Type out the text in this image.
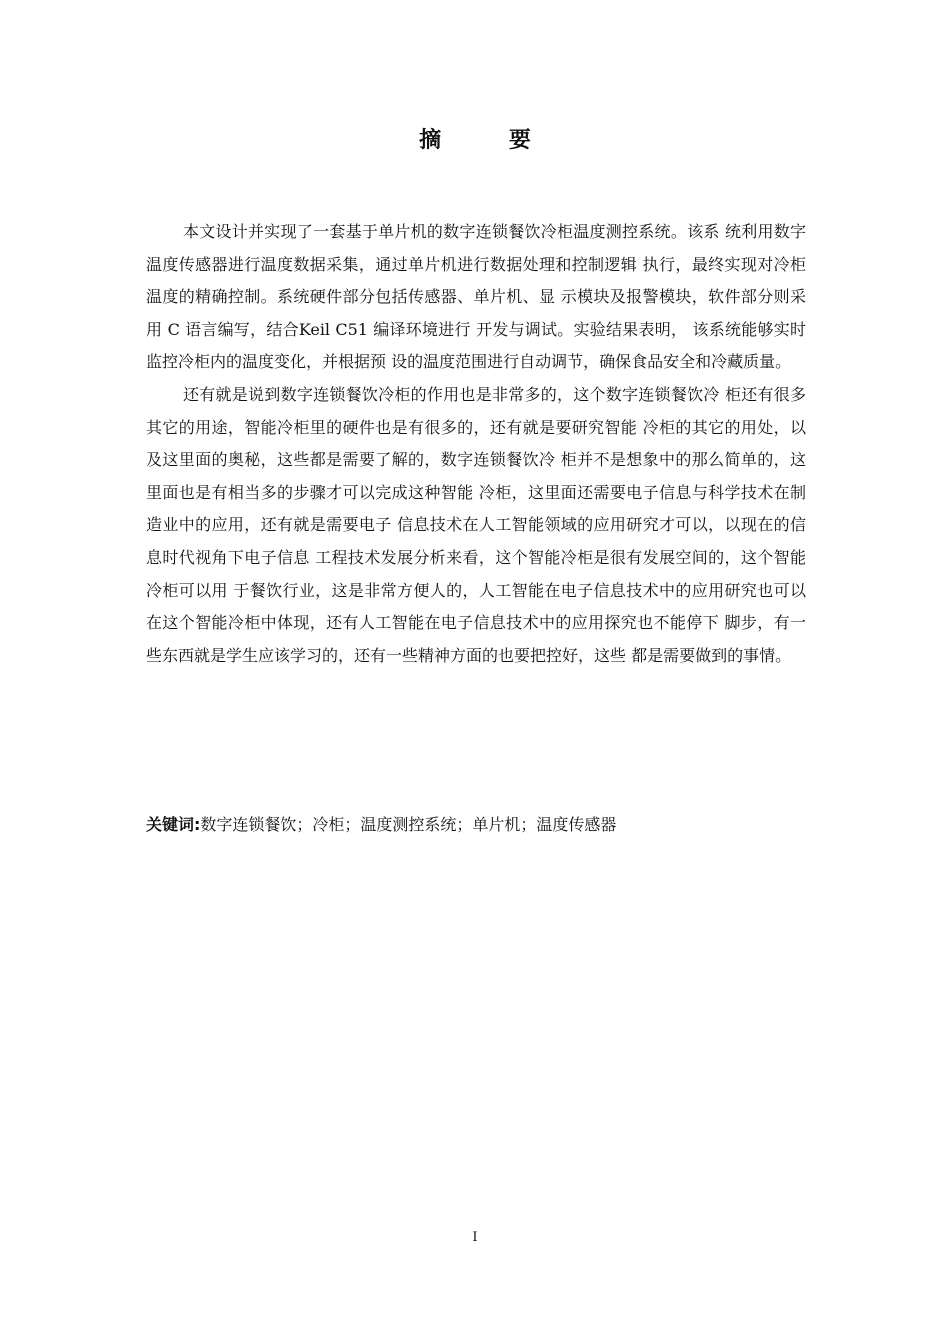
摘 要

本文设计并实现了一套基于单片机的数字连锁餐饮冷柜温度测控系统。该系 统利用数字温度传感器进行温度数据采集，通过单片机进行数据处理和控制逻辑 执行，最终实现对冷柜温度的精确控制。系统硬件部分包括传感器、单片机、显 示模块及报警模块，软件部分则采用 C 语言编写，结合Keil C51 编译环境进行 开发与调试。实验结果表明， 该系统能够实时监控冷柜内的温度变化，并根据预 设的温度范围进行自动调节，确保食品安全和冷藏质量。

还有就是说到数字连锁餐饮冷柜的作用也是非常多的，这个数字连锁餐饮冷 柜还有很多其它的用途，智能冷柜里的硬件也是有很多的，还有就是要研究智能 冷柜的其它的用处，以及这里面的奥秘，这些都是需要了解的，数字连锁餐饮冷 柜并不是想象中的那么简单的，这里面也是有相当多的步骤才可以完成这种智能 冷柜，这里面还需要电子信息与科学技术在制造业中的应用，还有就是需要电子 信息技术在人工智能领域的应用研究才可以，以现在的信息时代视角下电子信息 工程技术发展分析来看，这个智能冷柜是很有发展空间的，这个智能冷柜可以用 于餐饮行业，这是非常方便人的，人工智能在电子信息技术中的应用研究也可以 在这个智能冷柜中体现，还有人工智能在电子信息技术中的应用探究也不能停下 脚步，有一些东西就是学生应该学习的，还有一些精神方面的也要把控好，这些 都是需要做到的事情。

关键词:数字连锁餐饮；冷柜；温度测控系统；单片机；温度传感器
I
